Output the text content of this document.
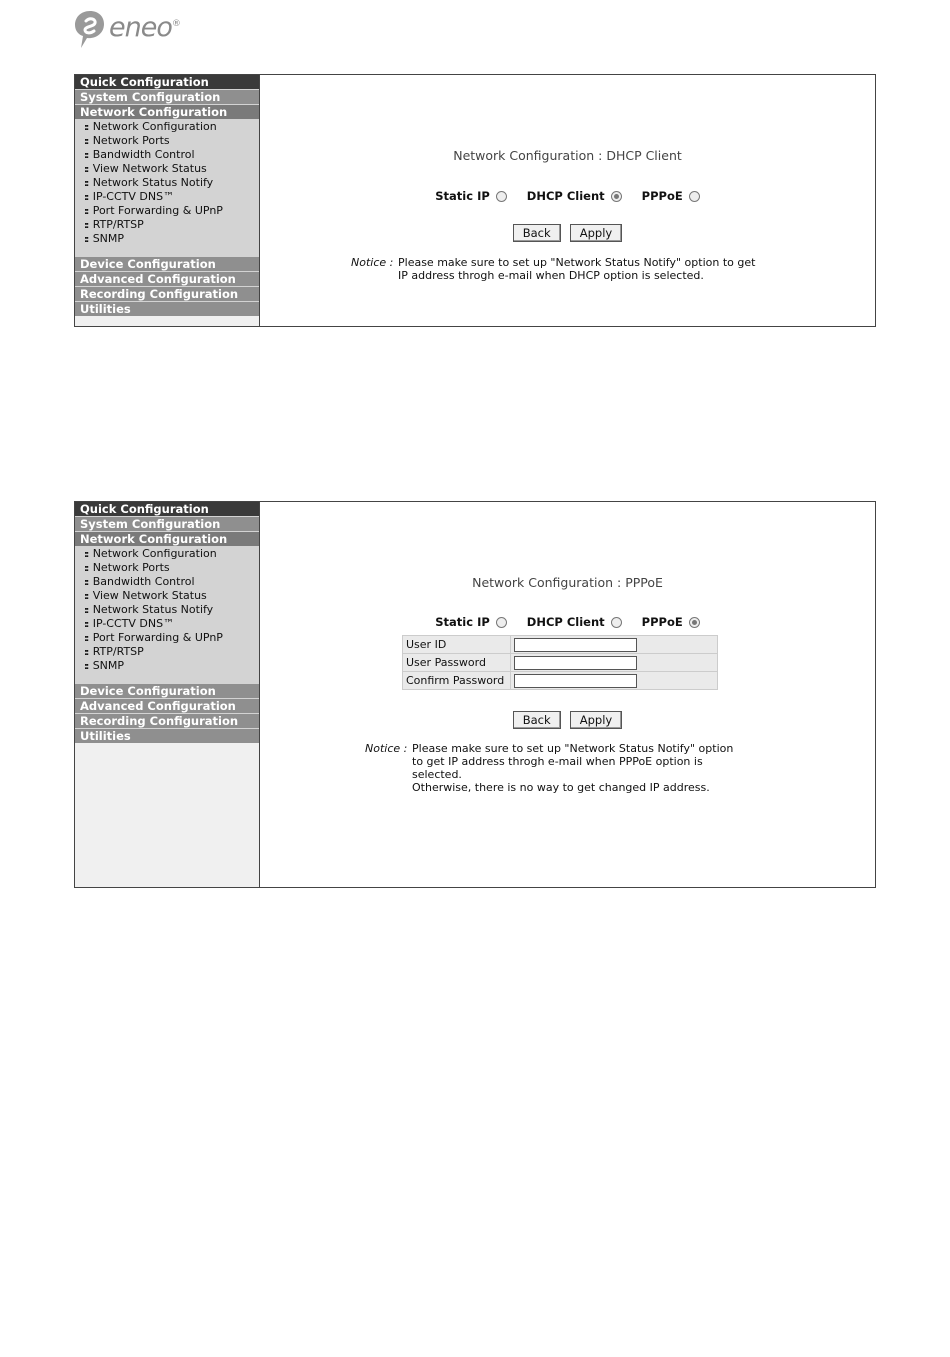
eneo®
Quick Configuration
System Configuration
Network Configuration
:: Network Configuration
:: Network Ports
:: Bandwidth Control
:: View Network Status
:: Network Status Notify
:: IP-CCTV DNS™
:: Port Forwarding & UPnP
:: RTP/RTSP
:: SNMP
Device Configuration
Advanced Configuration
Recording Configuration
Utilities
Network Configuration : DHCP Client
Static IP	DHCP Client	PPPoE
Back	Apply
Notice : Please make sure to set up "Network Status Notify" option to get
IP address throgh e-mail when DHCP option is selected.
Quick Configuration
System Configuration
Network Configuration
:: Network Configuration
:: Network Ports
:: Bandwidth Control
:: View Network Status
:: Network Status Notify
:: IP-CCTV DNS™
:: Port Forwarding & UPnP
:: RTP/RTSP
:: SNMP
Device Configuration
Advanced Configuration
Recording Configuration
Utilities
Network Configuration : PPPoE
Static IP	DHCP Client	PPPoE
User ID	

User Password	

Confirm Password	
Back	Apply
Notice : Please make sure to set up "Network Status Notify" option
to get IP address throgh e-mail when PPPoE option is
selected.
Otherwise, there is no way to get changed IP address.
